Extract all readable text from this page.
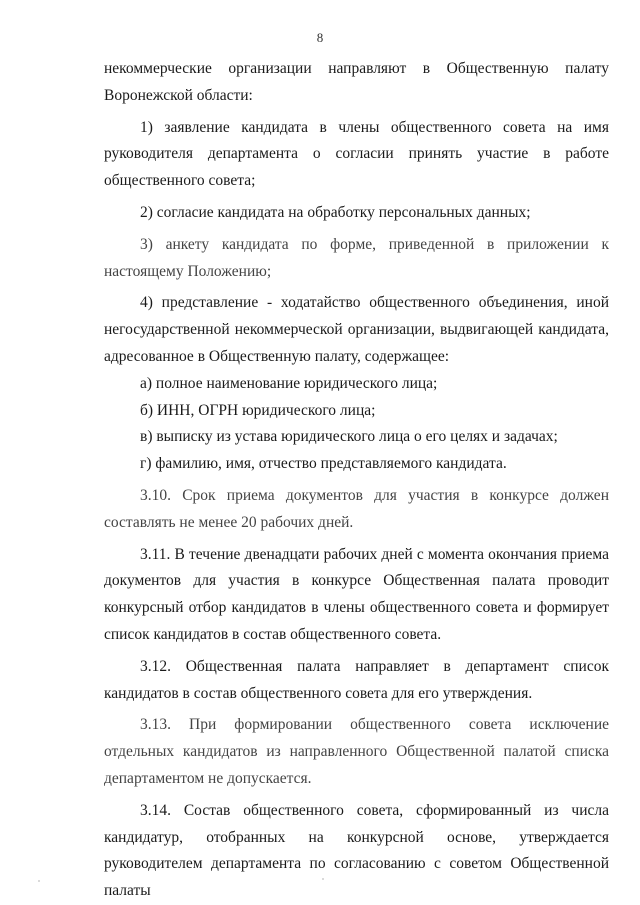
8

некоммерческие организации направляют в Общественную палату Воронежской области:

1) заявление кандидата в члены общественного совета на имя руководителя департамента о согласии принять участие в работе общественного совета;

2) согласие кандидата на обработку персональных данных;

3) анкету кандидата по форме, приведенной в приложении к настоящему Положению;

4) представление - ходатайство общественного объединения, иной негосударственной некоммерческой организации, выдвигающей кандидата, адресованное в Общественную палату, содержащее:

а) полное наименование юридического лица;

б) ИНН, ОГРН юридического лица;

в) выписку из устава юридического лица о его целях и задачах;

г) фамилию, имя, отчество представляемого кандидата.

3.10. Срок приема документов для участия в конкурсе должен составлять не менее 20 рабочих дней.

3.11. В течение двенадцати рабочих дней с момента окончания приема документов для участия в конкурсе Общественная палата проводит конкурсный отбор кандидатов в члены общественного совета и формирует список кандидатов в состав общественного совета.

3.12. Общественная палата направляет в департамент список кандидатов в состав общественного совета для его утверждения.

3.13. При формировании общественного совета исключение отдельных кандидатов из направленного Общественной палатой списка департаментом не допускается.

3.14. Состав общественного совета, сформированный из числа кандидатур, отобранных на конкурсной основе, утверждается руководителем департамента по согласованию с советом Общественной палаты
